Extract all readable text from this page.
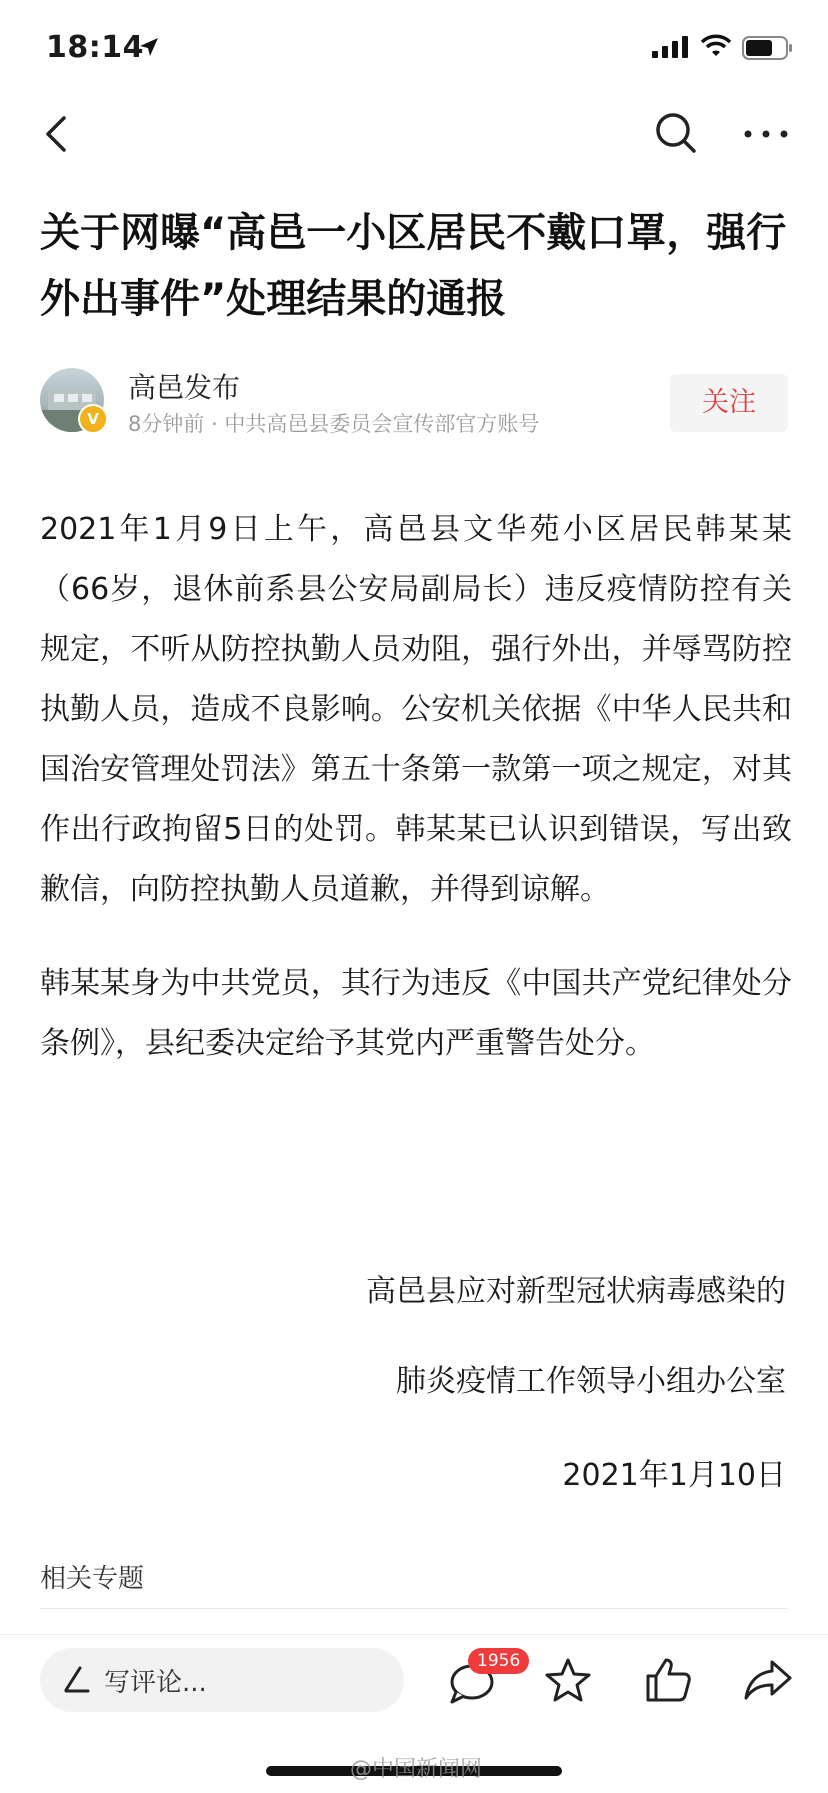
18:14
关于网曝“高邑一小区居民不戴口罩，强行外出事件”处理结果的通报
V
高邑发布
8分钟前 · 中共高邑县委员会宣传部官方账号
关注

2021年1月9日上午，高邑县文华苑小区居民韩某某（66岁，退休前系县公安局副局长）违反疫情防控有关规定，不听从防控执勤人员劝阻，强行外出，并辱骂防控执勤人员，造成不良影响。公安机关依据《中华人民共和国治安管理处罚法》第五十条第一款第一项之规定，对其作出行政拘留5日的处罚。韩某某已认识到错误，写出致歉信，向防控执勤人员道歉，并得到谅解。

韩某某身为中共党员，其行为违反《中国共产党纪律处分条例》，县纪委决定给予其党内严重警告处分。

高邑县应对新型冠状病毒感染的
肺炎疫情工作领导小组办公室
2021年1月10日
相关专题
写评论...
1956
@中国新闻网
